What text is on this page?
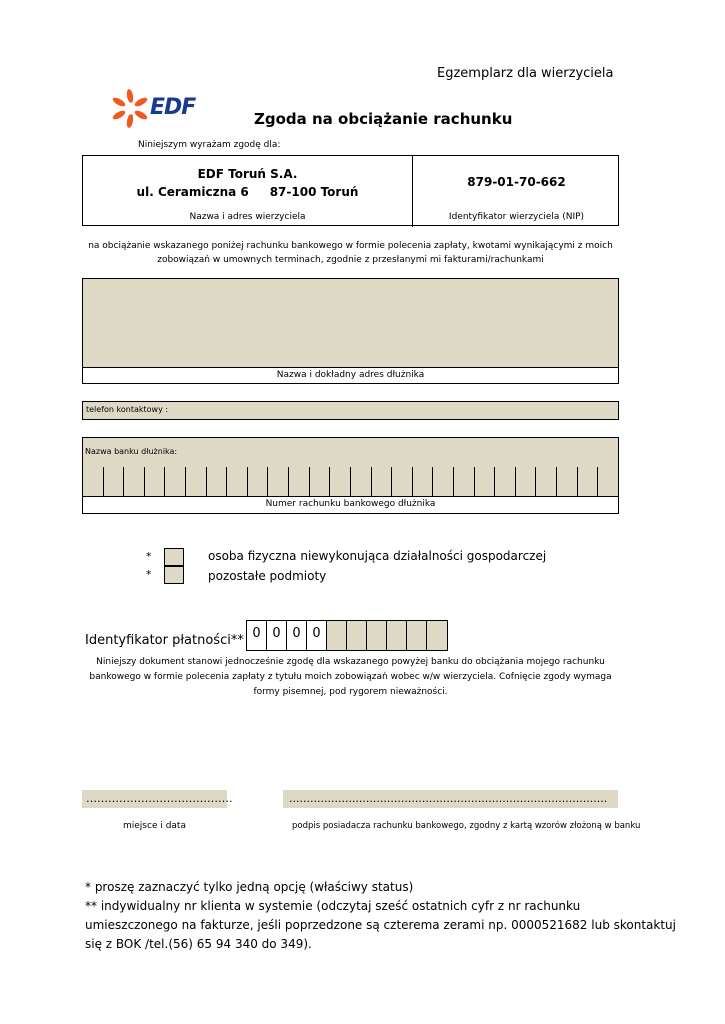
Egzemplarz dla wierzyciela
EDF	Zgoda na obciążanie rachunku
Niniejszym wyrażam zgodę dla:
EDF Toruń S.A.
ul. Ceramiczna 6 87-100 Toruń
Nazwa i adres wierzyciela
879-01-70-662
Identyfikator wierzyciela (NIP)
na obciążanie wskazanego poniżej rachunku bankowego w formie polecenia zapłaty, kwotami wynikającymi z moich
zobowiązań w umownych terminach, zgodnie z przesłanymi mi fakturami/rachunkami
Nazwa i dokładny adres dłużnika
telefon kontaktowy :
Nazwa banku dłużnika:
Numer rachunku bankowego dłużnika
*	osoba fizyczna niewykonująca działalności gospodarczej
*	pozostałe podmioty
Identyfikator płatności** 0 0 0 0
Niniejszy dokument stanowi jednocześnie zgodę dla wskazanego powyżej banku do obciążania mojego rachunku
bankowego w formie polecenia zapłaty z tytułu moich zobowiązań wobec w/w wierzyciela. Cofnięcie zgody wymaga
formy pisemnej, pod rygorem nieważności.
………………………………….	...........................................................................................
miejsce i data	podpis posiadacza rachunku bankowego, zgodny z kartą wzorów złożoną w banku
* proszę zaznaczyć tylko jedną opcję (właściwy status)
** indywidualny nr klienta w systemie (odczytaj sześć ostatnich cyfr z nr rachunku
umieszczonego na fakturze, jeśli poprzedzone są czterema zerami np. 0000521682 lub skontaktuj
się z BOK /tel.(56) 65 94 340 do 349).
